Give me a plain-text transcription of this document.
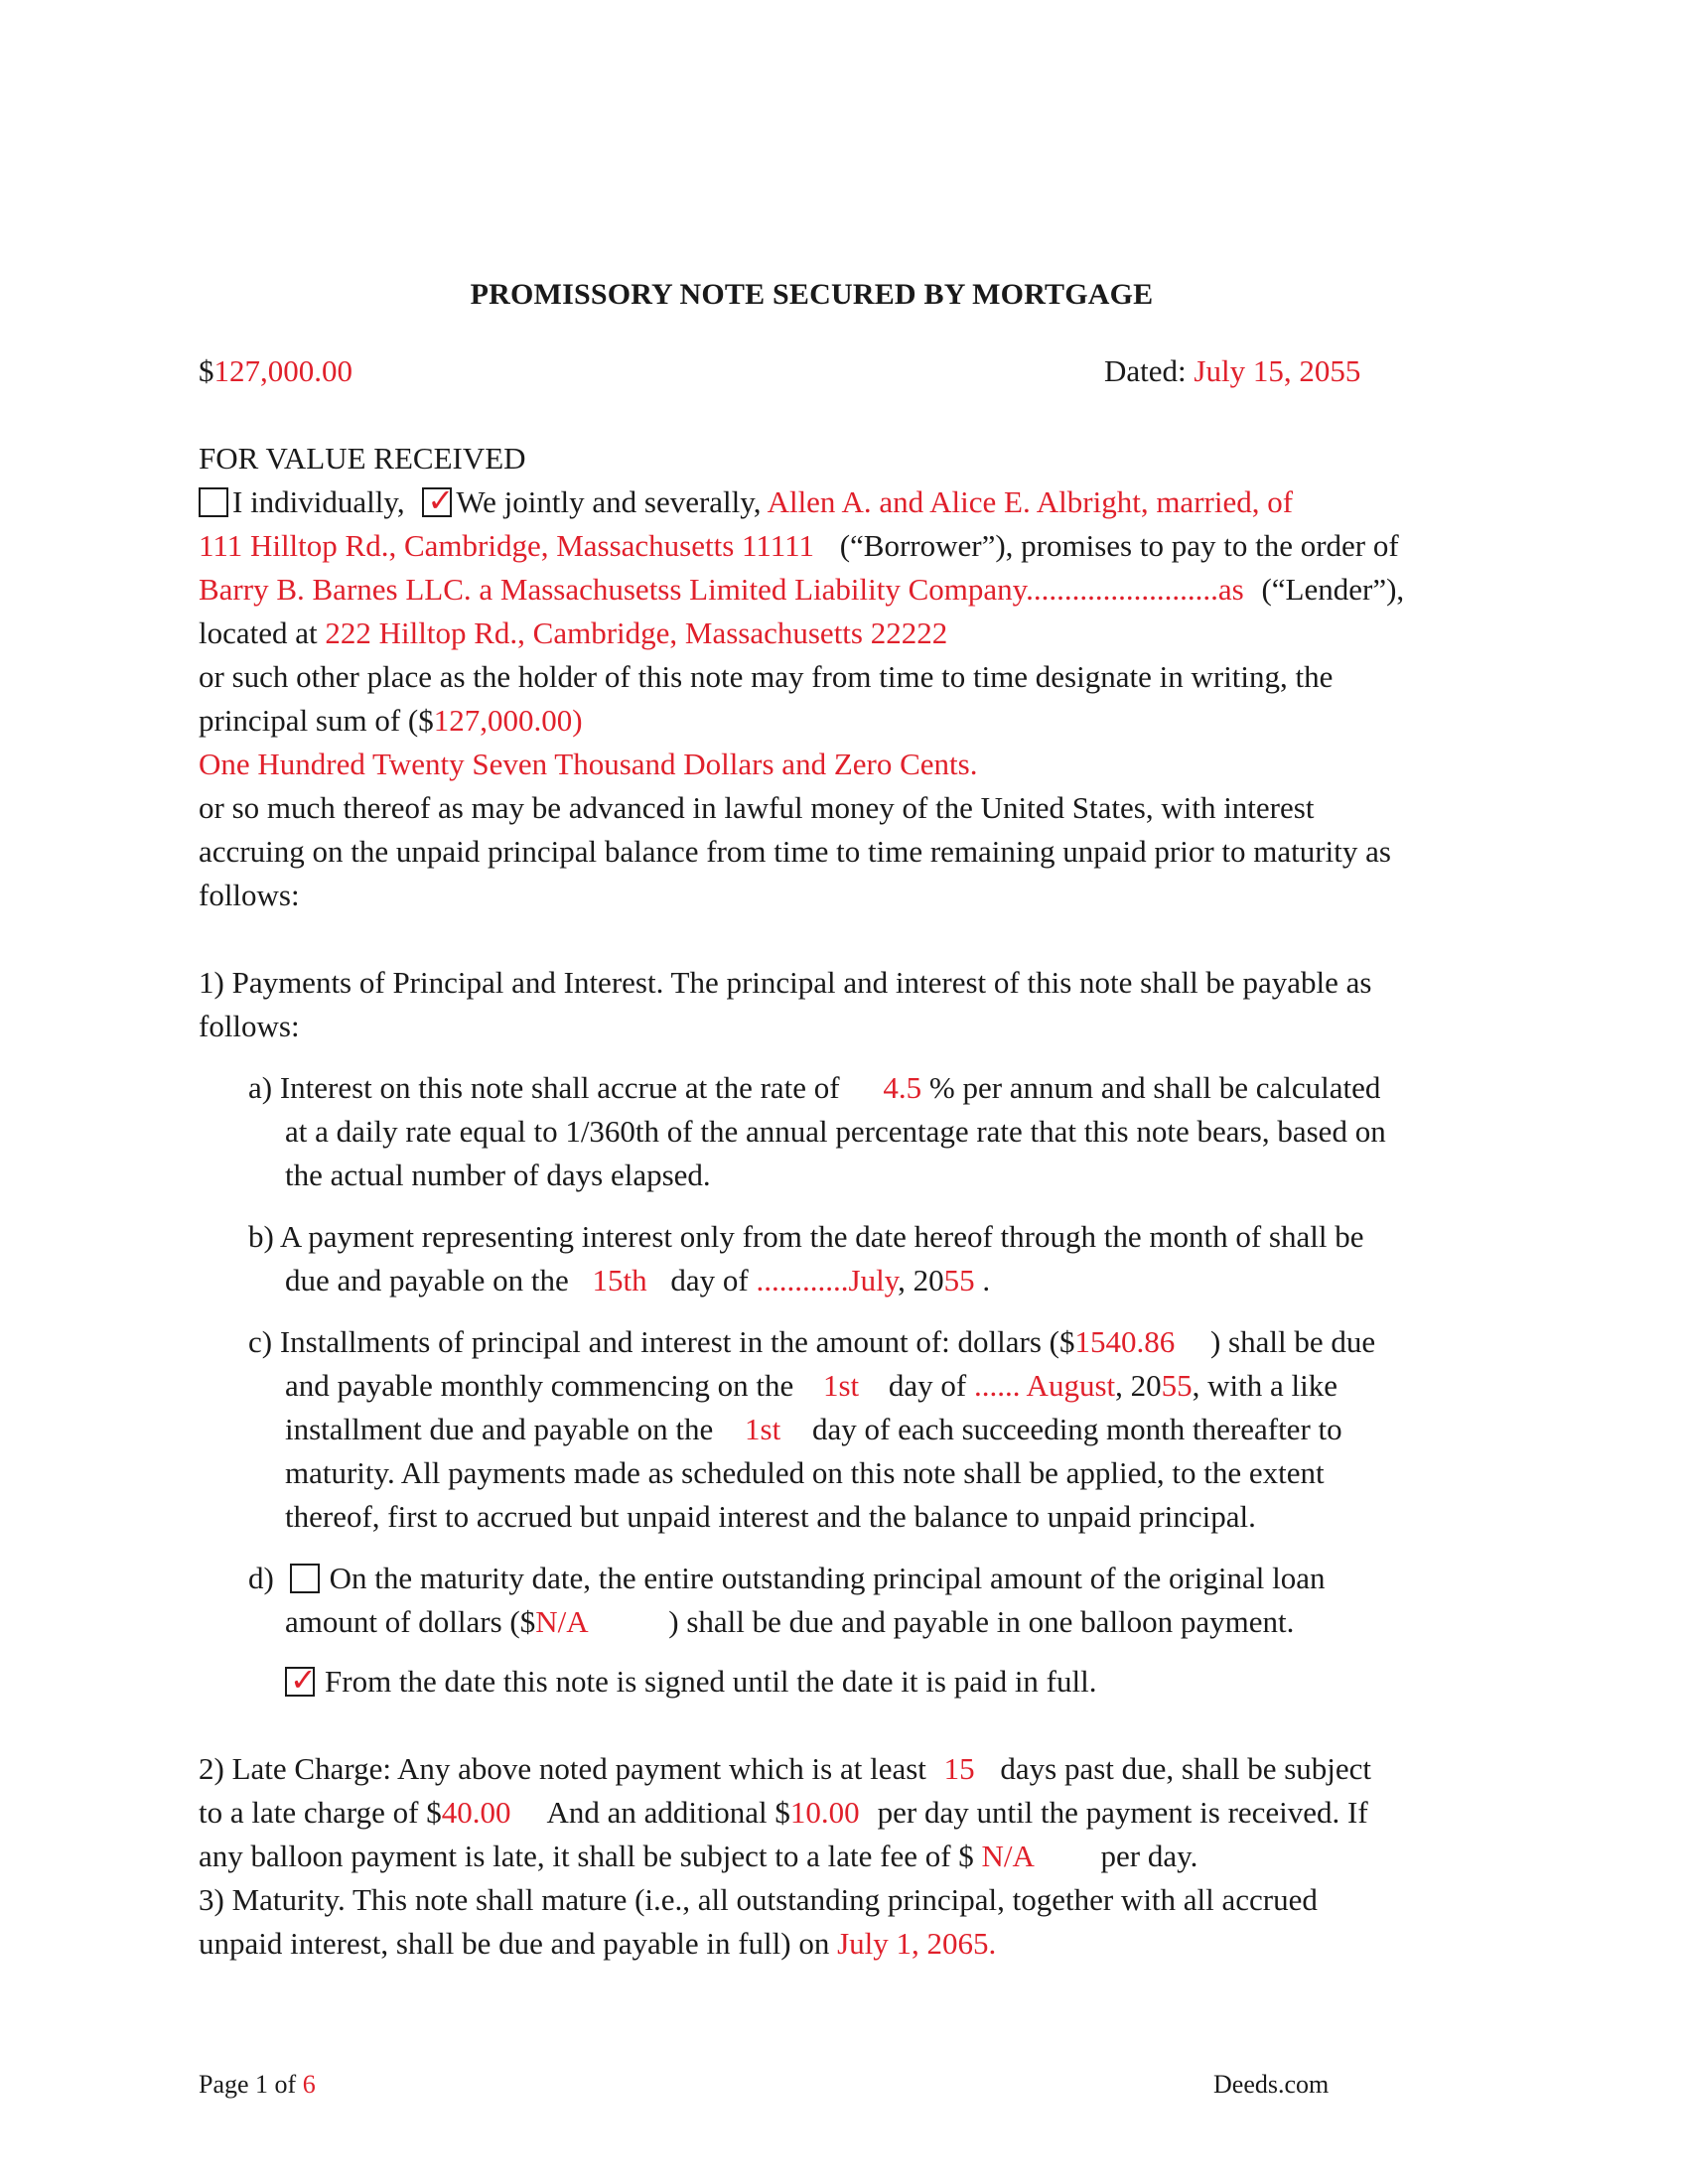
PROMISSORY NOTE SECURED BY MORTGAGE
$127,000.00	Dated: July 15, 2055
FOR VALUE RECEIVED
I individually, ✓ We jointly and severally, Allen A. and Alice E. Albright, married, of
111 Hilltop Rd., Cambridge, Massachusetts 11111 (“Borrower”), promises to pay to the order of
Barry B. Barnes LLC. a Massachusetss Limited Liability Company.........................as (“Lender”),
located at 222 Hilltop Rd., Cambridge, Massachusetts 22222
or such other place as the holder of this note may from time to time designate in writing, the
principal sum of ($127,000.00)
One Hundred Twenty Seven Thousand Dollars and Zero Cents.
or so much thereof as may be advanced in lawful money of the United States, with interest
accruing on the unpaid principal balance from time to time remaining unpaid prior to maturity as
follows:
1) Payments of Principal and Interest. The principal and interest of this note shall be payable as
follows:
a) Interest on this note shall accrue at the rate of 4.5 % per annum and shall be calculated
at a daily rate equal to 1/360th of the annual percentage rate that this note bears, based on
the actual number of days elapsed.
b) A payment representing interest only from the date hereof through the month of shall be
due and payable on the 15th day of ............July, 2055 .
c) Installments of principal and interest in the amount of: dollars ($1540.86 ) shall be due
and payable monthly commencing on the 1st day of ...... August, 2055, with a like
installment due and payable on the 1st day of each succeeding month thereafter to
maturity. All payments made as scheduled on this note shall be applied, to the extent
thereof, first to accrued but unpaid interest and the balance to unpaid principal.
d) On the maturity date, the entire outstanding principal amount of the original loan
amount of dollars ($N/A	) shall be due and payable in one balloon payment.
✓ From the date this note is signed until the date it is paid in full.
2) Late Charge: Any above noted payment which is at least 15 days past due, shall be subject
to a late charge of $40.00 And an additional $10.00 per day until the payment is received. If
any balloon payment is late, it shall be subject to a late fee of $ N/A per day.
3) Maturity. This note shall mature (i.e., all outstanding principal, together with all accrued
unpaid interest, shall be due and payable in full) on July 1, 2065.
Page 1 of 6	Deeds.com
